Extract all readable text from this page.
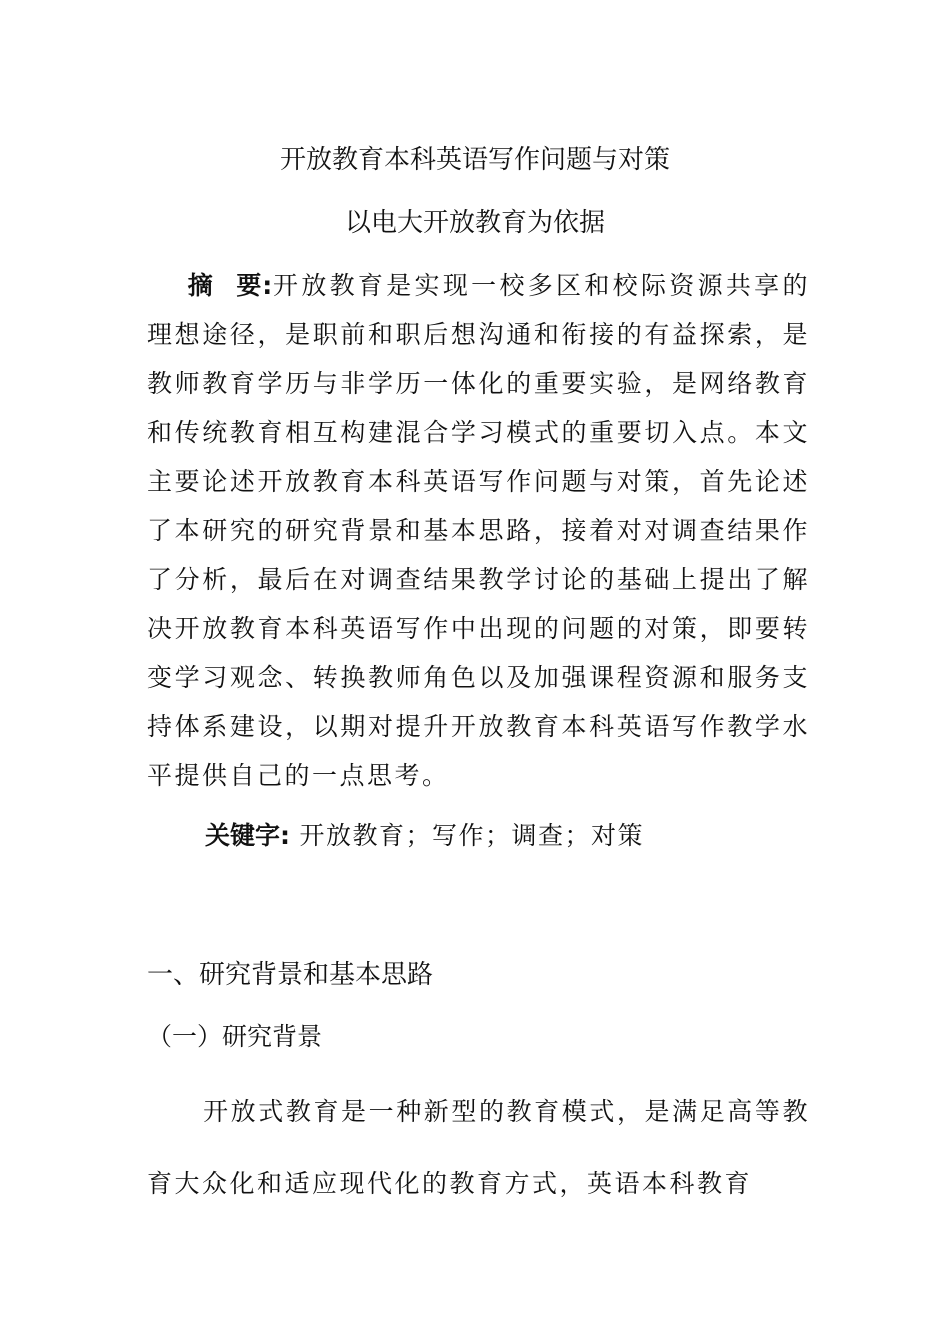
开放教育本科英语写作问题与对策
以电大开放教育为依据
摘 要:开放教育是实现一校多区和校际资源共享的理想途径，是职前和职后想沟通和衔接的有益探索，是教师教育学历与非学历一体化的重要实验，是网络教育和传统教育相互构建混合学习模式的重要切入点。本文主要论述开放教育本科英语写作问题与对策，首先论述了本研究的研究背景和基本思路，接着对对调查结果作了分析，最后在对调查结果教学讨论的基础上提出了解决开放教育本科英语写作中出现的问题的对策，即要转变学习观念、转换教师角色以及加强课程资源和服务支持体系建设，以期对提升开放教育本科英语写作教学水平提供自己的一点思考。
关键字: 开放教育；写作；调查；对策
一、研究背景和基本思路
（一）研究背景
开放式教育是一种新型的教育模式，是满足高等教育大众化和适应现代化的教育方式，英语本科教育
